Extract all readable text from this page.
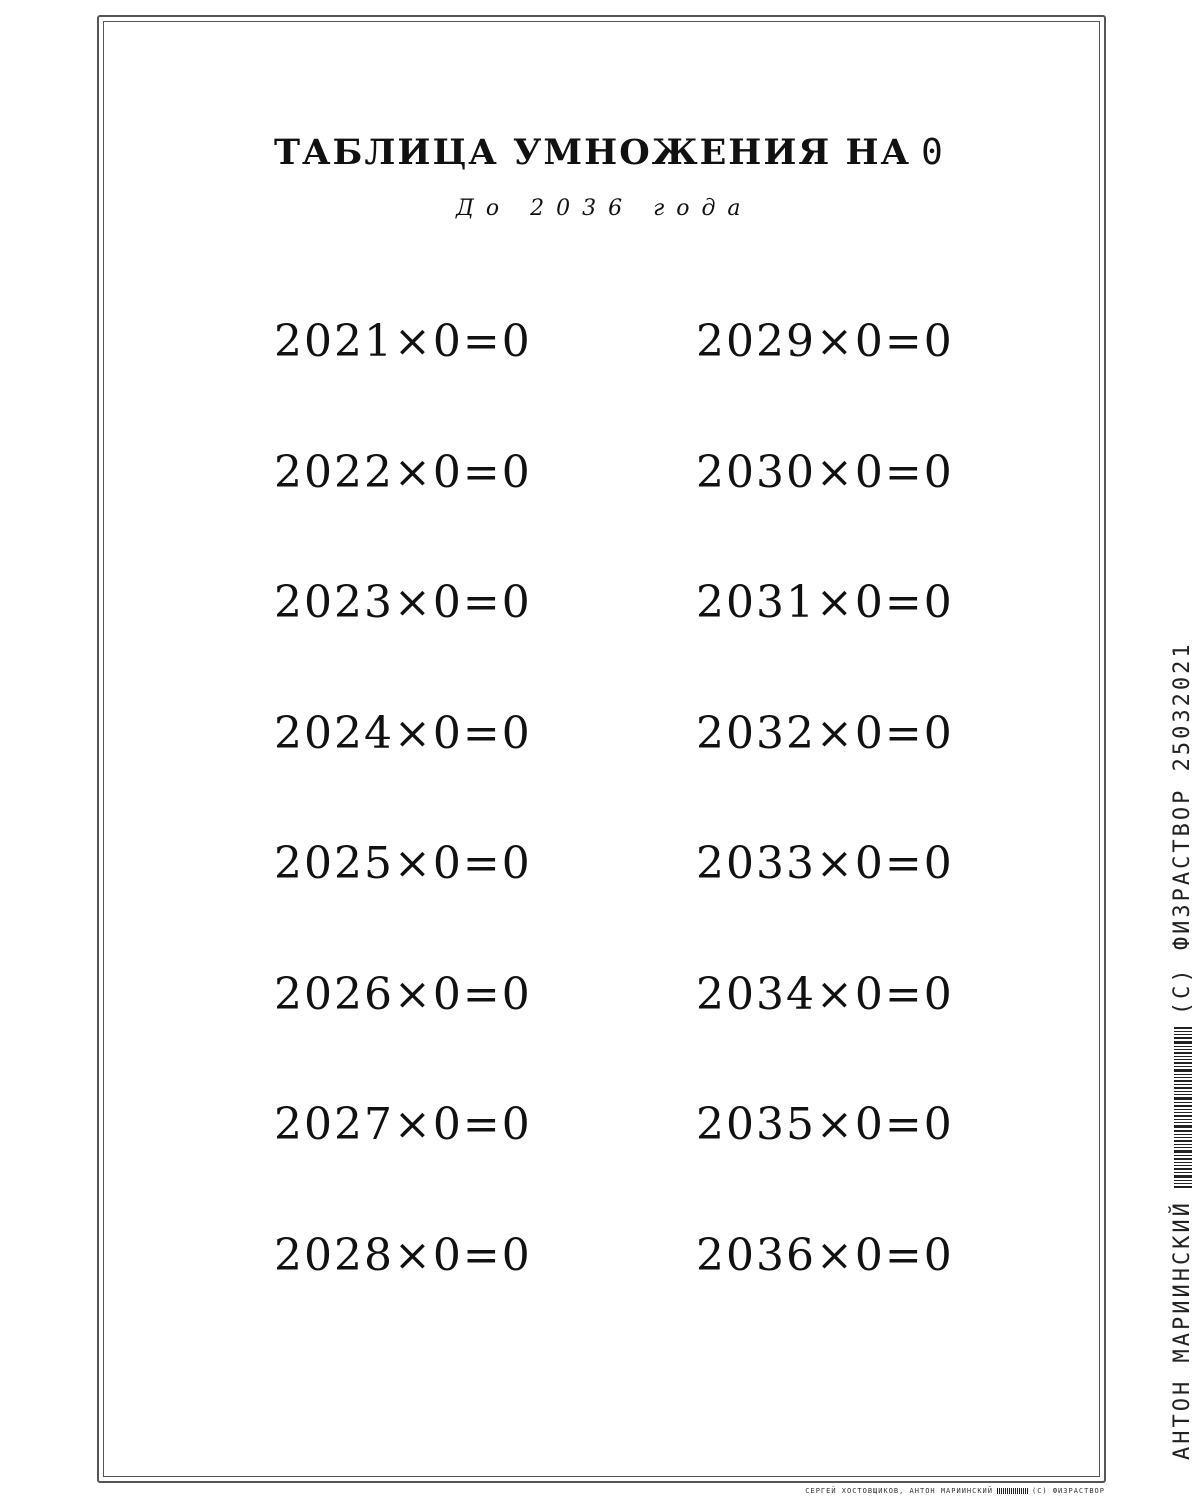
ТАБЛИЦА УМНОЖЕНИЯ НА 0
До 2036 года
2021×0=0	2029×0=0
2022×0=0	2030×0=0
2023×0=0	2031×0=0
2024×0=0	2032×0=0
2025×0=0	2033×0=0
2026×0=0	2034×0=0
2027×0=0	2035×0=0
2028×0=0	2036×0=0	АНТОН МАРИИНСКИЙ
(С) ФИЗРАСТВОР 25032021
СЕРГЕЙ ХОСТОВЩИКОВ, АНТОН МАРИИНСКИЙ	(С) ФИЗРАСТВОР
